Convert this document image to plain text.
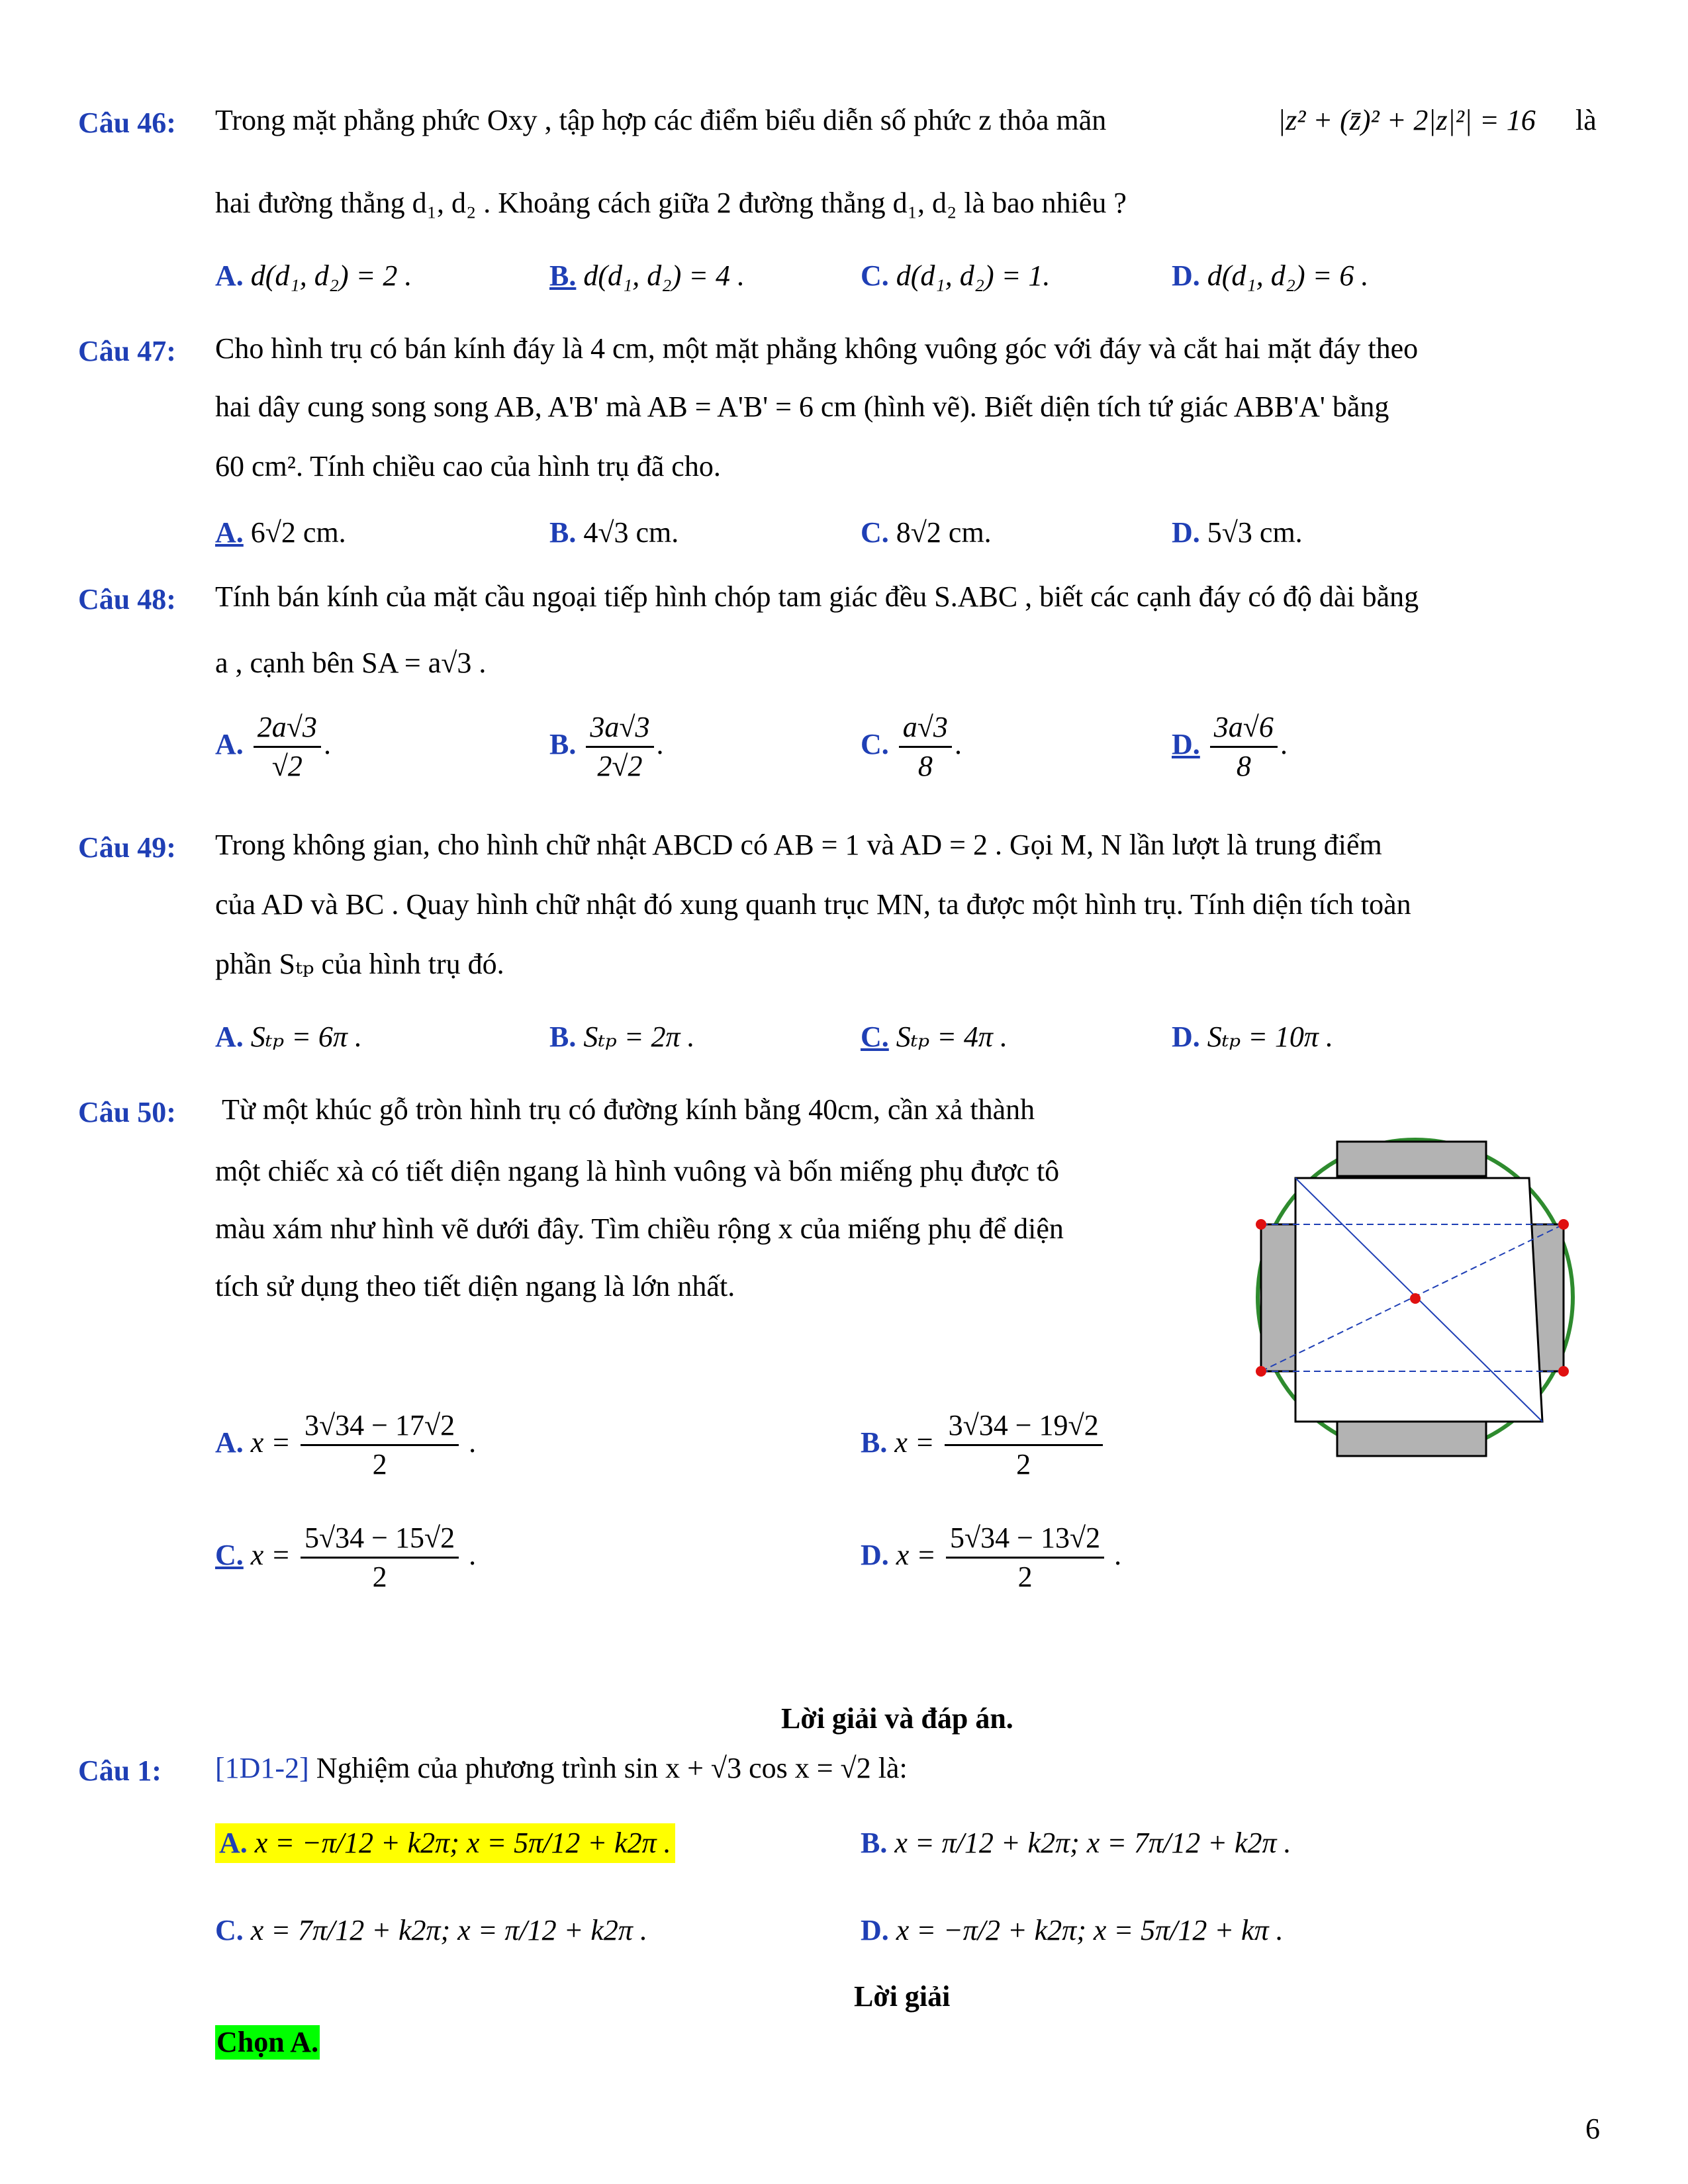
Câu 46: Trong mặt phẳng phức Oxy , tập hợp các điểm biểu diễn số phức z thỏa mãn	|z² + (z̄)² + 2|z|²| = 16 là
hai đường thẳng d₁, d₂ . Khoảng cách giữa 2 đường thẳng d₁, d₂ là bao nhiêu ?
A. d(d₁, d₂) = 2 .	B. d(d₁, d₂) = 4 .	C. d(d₁, d₂) = 1.	D. d(d₁, d₂) = 6 .
Câu 47: Cho hình trụ có bán kính đáy là 4 cm, một mặt phẳng không vuông góc với đáy và cắt hai mặt đáy theo
hai dây cung song song AB, A'B' mà AB = A'B' = 6 cm (hình vẽ). Biết diện tích tứ giác ABB'A' bằng
60 cm². Tính chiều cao của hình trụ đã cho.
A. 6√2 cm.	B. 4√3 cm.	C. 8√2 cm.	D. 5√3 cm.
Câu 48: Tính bán kính của mặt cầu ngoại tiếp hình chóp tam giác đều S.ABC , biết các cạnh đáy có độ dài bằng
a , cạnh bên SA = a√3 .
A. $\frac{2a√3}{√2}$ .	B. $\frac{3a√3}{2√2}$ .	C. $\frac{a√3}{8}$ .	D. $\frac{3a√6}{8}$ .
Câu 49: Trong không gian, cho hình chữ nhật ABCD có AB = 1 và AD = 2 . Gọi M, N lần lượt là trung điểm
của AD và BC . Quay hình chữ nhật đó xung quanh trục MN, ta được một hình trụ. Tính diện tích toàn
phần Sₜₚ của hình trụ đó.
A. Sₜₚ = 6π .	B. Sₜₚ = 2π .	C. Sₜₚ = 4π .	D. Sₜₚ = 10π .
Câu 50: Từ một khúc gỗ tròn hình trụ có đường kính bằng 40cm, cần xả thành
một chiếc xà có tiết diện ngang là hình vuông và bốn miếng phụ được tô
màu xám như hình vẽ dưới đây. Tìm chiều rộng x của miếng phụ để diện
tích sử dụng theo tiết diện ngang là lớn nhất.
A. $x = \frac{3√34 - 17√2}{2}$ .	B. $x = \frac{3√34 - 19√2}{2}$
C. $x = \frac{5√34 - 15√2}{2}$ .	D. $x = \frac{5√34 - 13√2}{2}$ .
Lời giải và đáp án.
Câu 1: [1D1-2] Nghiệm của phương trình sin x + √3 cos x = √2 là:
A. x = −π/12 + k2π; x = 5π/12 + k2π .	B. x = π/12 + k2π; x = 7π/12 + k2π .
C. x = 7π/12 + k2π; x = π/12 + k2π .	D. x = −π/2 + k2π; x = 5π/12 + kπ .
Lời giải
Chọn A.
6
